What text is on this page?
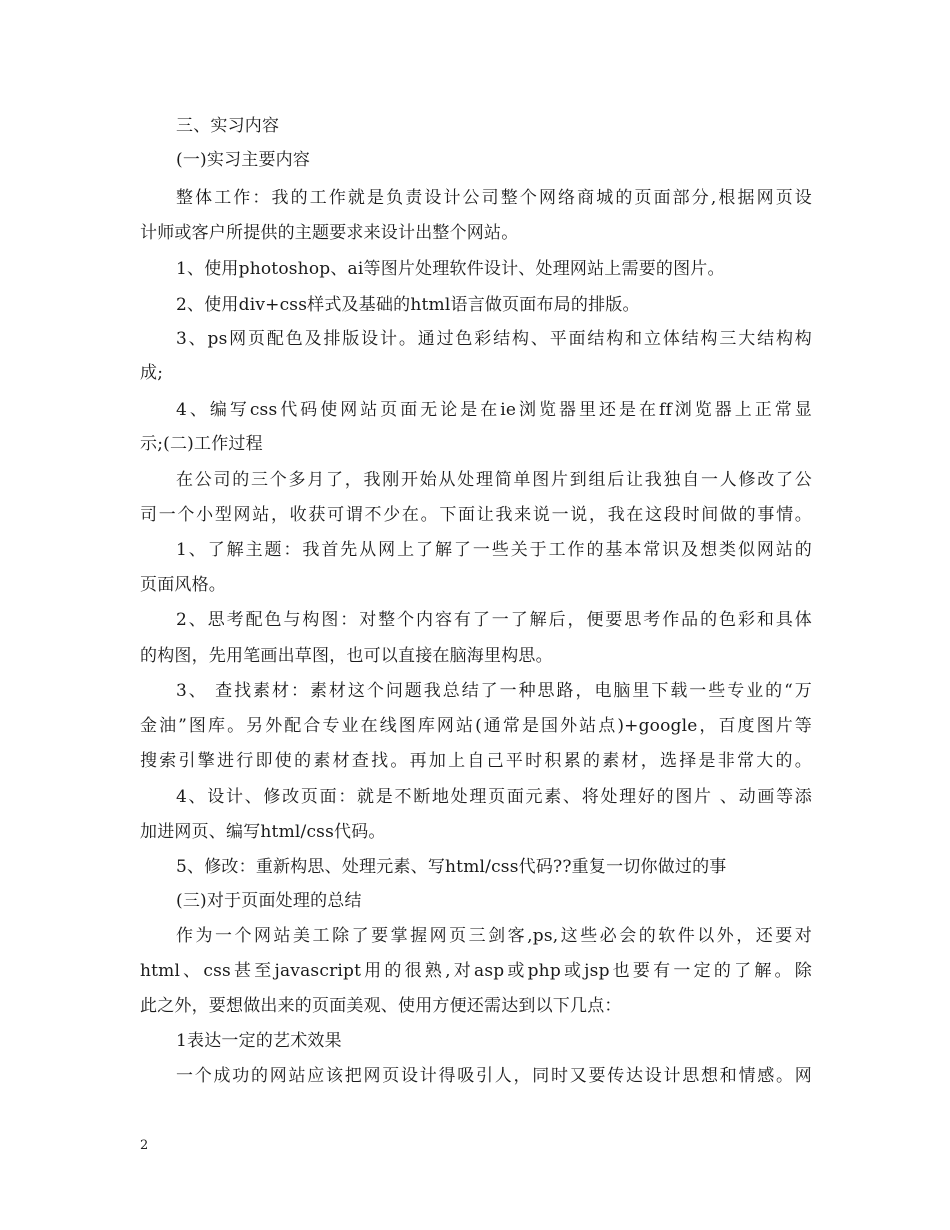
三、实习内容
(一)实习主要内容
整体工作：我的工作就是负责设计公司整个网络商城的页面部分,根据网页设
计师或客户所提供的主题要求来设计出整个网站。
1、使用photoshop、ai等图片处理软件设计、处理网站上需要的图片。
2、使用div+css样式及基础的html语言做页面布局的排版。
3、ps网页配色及排版设计。通过色彩结构、平面结构和立体结构三大结构构
成;
4、编写css代码使网站页面无论是在ie浏览器里还是在ff浏览器上正常显
示;(二)工作过程
在公司的三个多月了，我刚开始从处理简单图片到组后让我独自一人修改了公
司一个小型网站，收获可谓不少在。下面让我来说一说，我在这段时间做的事情。
1、了解主题：我首先从网上了解了一些关于工作的基本常识及想类似网站的
页面风格。
2、思考配色与构图：对整个内容有了一了解后，便要思考作品的色彩和具体
的构图，先用笔画出草图，也可以直接在脑海里构思。
3、 查找素材：素材这个问题我总结了一种思路，电脑里下载一些专业的“万
金油”图库。另外配合专业在线图库网站(通常是国外站点)+google，百度图片等
搜索引擎进行即使的素材查找。再加上自己平时积累的素材，选择是非常大的。
4、设计、修改页面：就是不断地处理页面元素、将处理好的图片 、动画等添
加进网页、编写html/css代码。
5、修改：重新构思、处理元素、写html/css代码??重复一切你做过的事
(三)对于页面处理的总结
作为一个网站美工除了要掌握网页三剑客,ps,这些必会的软件以外，还要对
html、css甚至javascript用的很熟,对asp或php或jsp也要有一定的了解。除
此之外，要想做出来的页面美观、使用方便还需达到以下几点：
1表达一定的艺术效果
一个成功的网站应该把网页设计得吸引人，同时又要传达设计思想和情感。网
2
